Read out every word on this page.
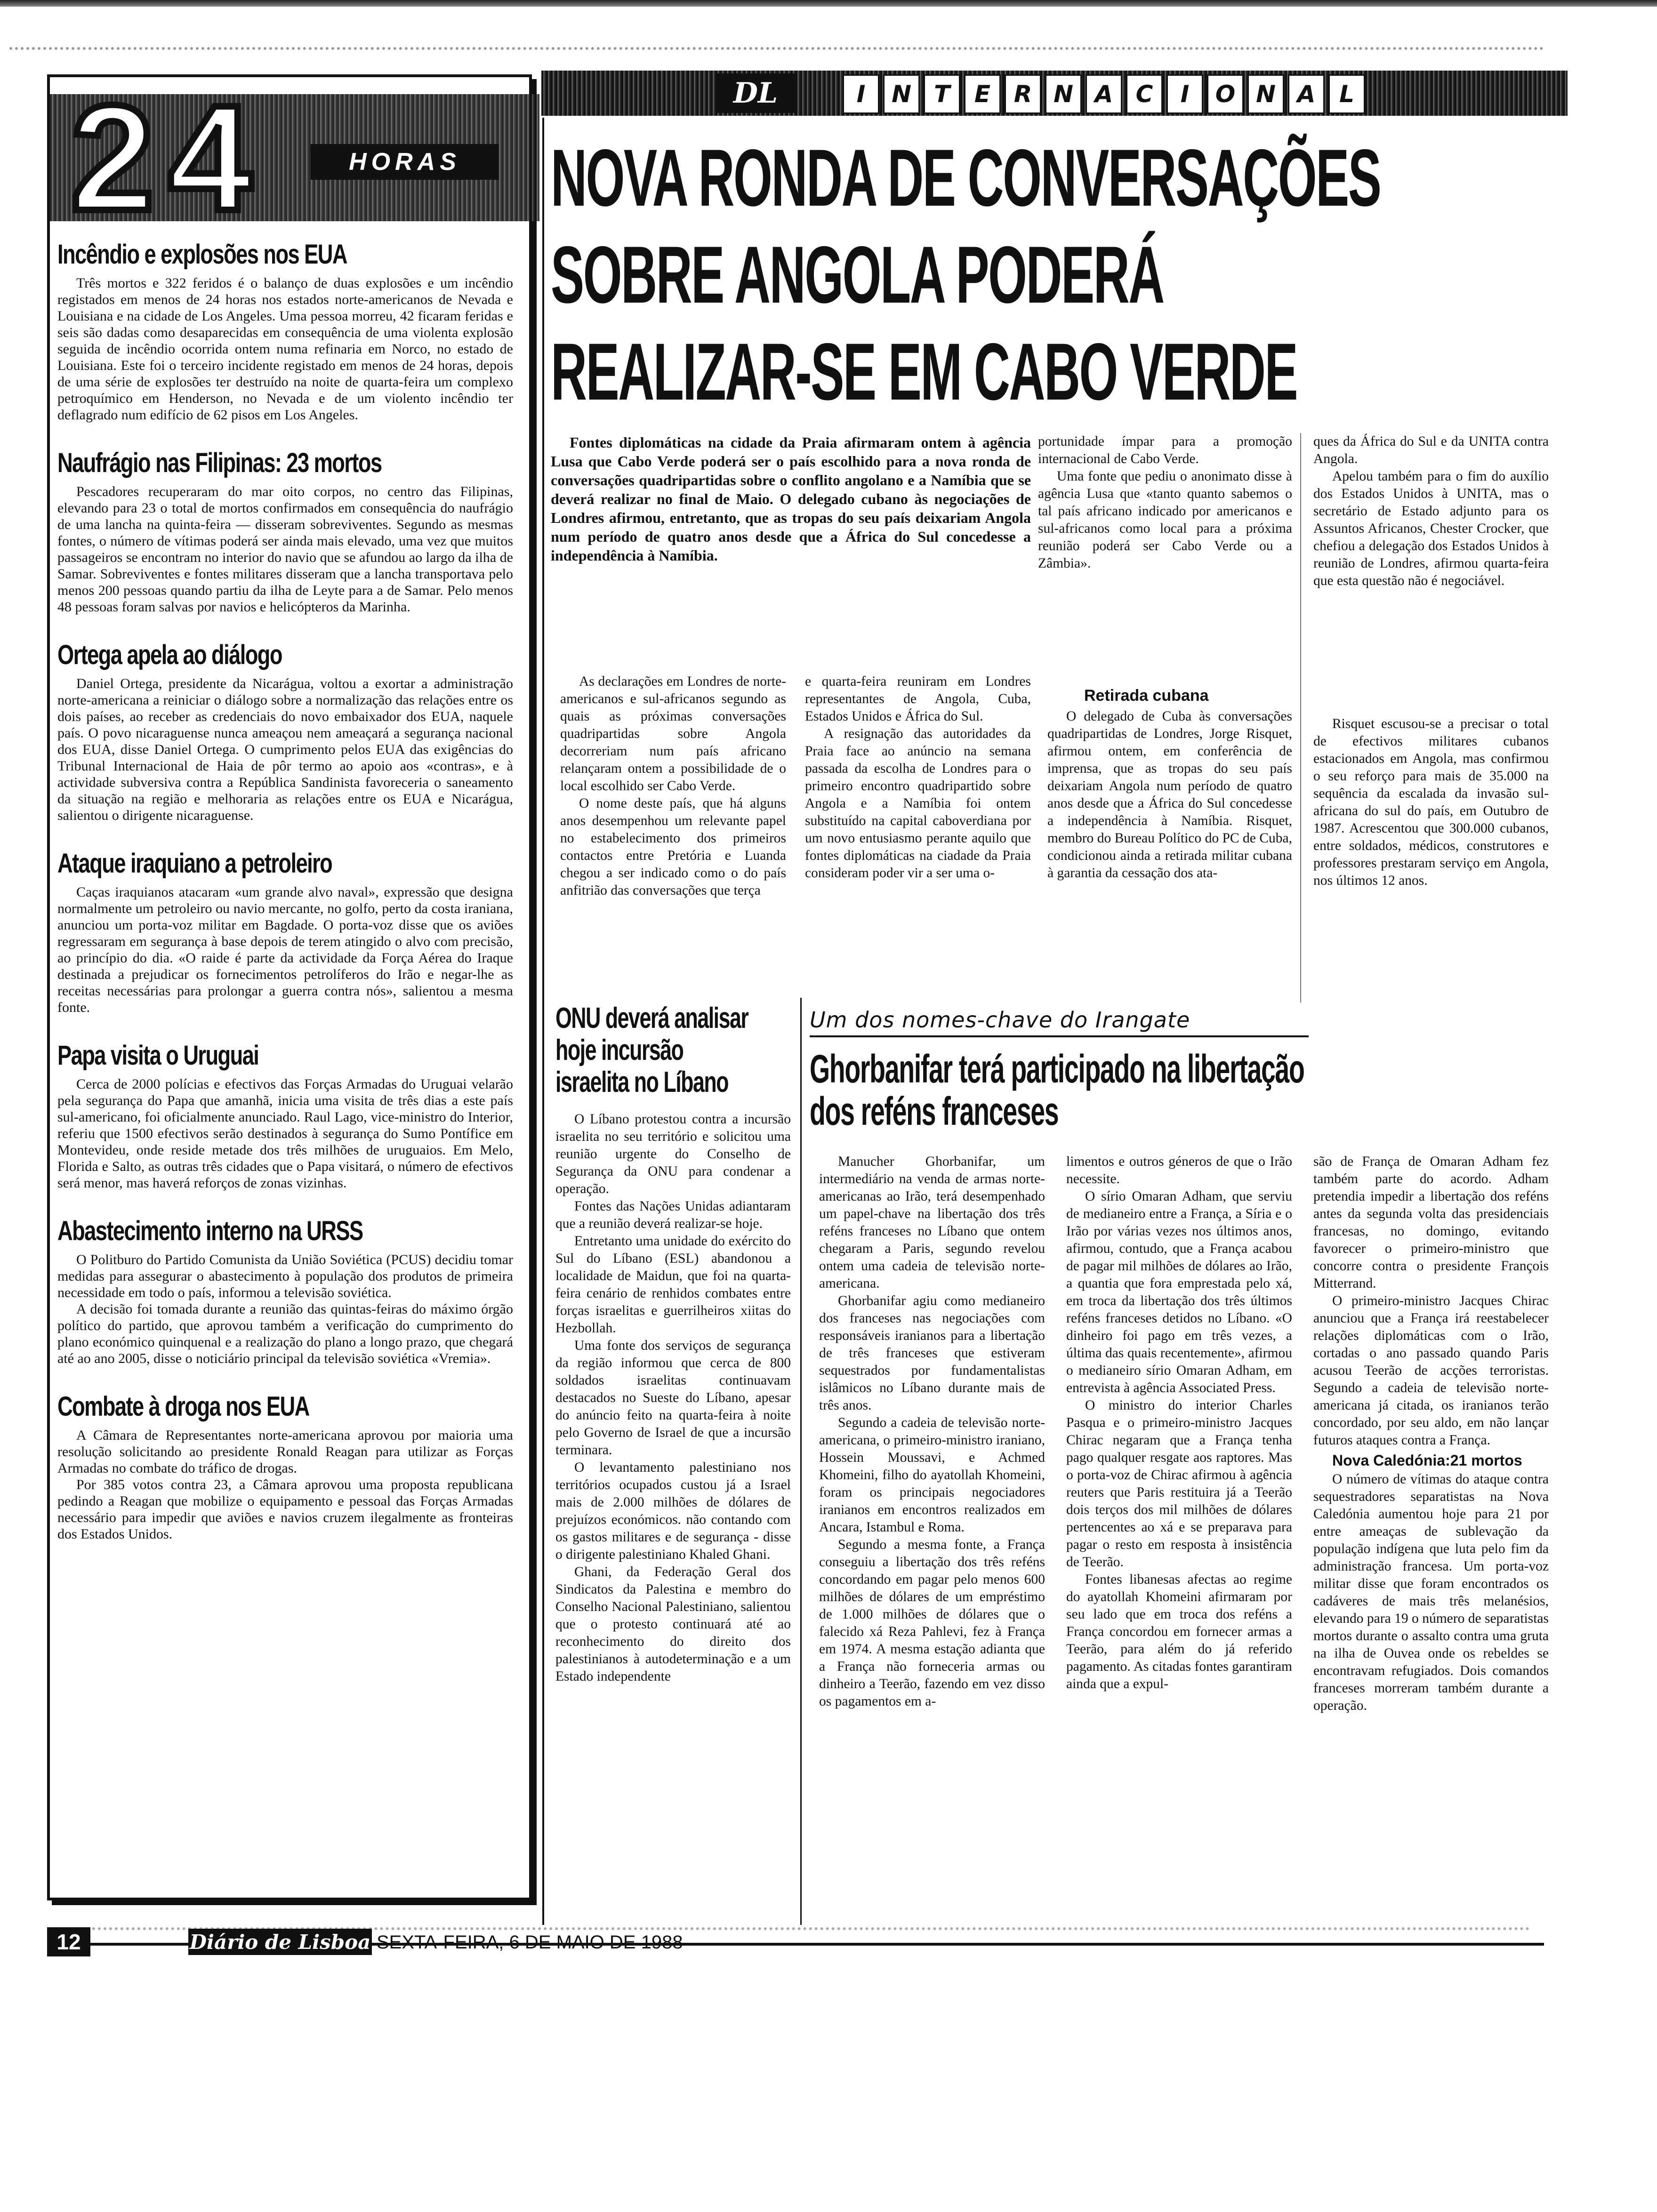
DL	I	N T	E R N A C	I	O N A	L
24	HORAS
Incêndio e explosões nos EUA

Três mortos e 322 feridos é o balanço de duas explosões e um incêndio registados em menos de 24 horas nos estados norte-americanos de Nevada e Louisiana e na cidade de Los Angeles. Uma pessoa morreu, 42 ficaram feridas e seis são dadas como desaparecidas em consequência de uma violenta explosão seguida de incêndio ocorrida ontem numa refinaria em Norco, no estado de Louisiana. Este foi o terceiro incidente registado em menos de 24 horas, depois de uma série de explosões ter destruído na noite de quarta-feira um complexo petroquímico em Henderson, no Nevada e de um violento incêndio ter deflagrado num edifício de 62 pisos em Los Angeles.

Naufrágio nas Filipinas: 23 mortos

Pescadores recuperaram do mar oito corpos, no centro das Filipinas, elevando para 23 o total de mortos confirmados em consequência do naufrágio de uma lancha na quinta-feira — disseram sobreviventes. Segundo as mesmas fontes, o número de vítimas poderá ser ainda mais elevado, uma vez que muitos passageiros se encontram no interior do navio que se afundou ao largo da ilha de Samar. Sobreviventes e fontes militares disseram que a lancha transportava pelo menos 200 pessoas quando partiu da ilha de Leyte para a de Samar. Pelo menos 48 pessoas foram salvas por navios e helicópteros da Marinha.

Ortega apela ao diálogo

Daniel Ortega, presidente da Nicarágua, voltou a exortar a administração norte-americana a reiniciar o diálogo sobre a normalização das relações entre os dois países, ao receber as credenciais do novo embaixador dos EUA, naquele país. O povo nicaraguense nunca ameaçou nem ameaçará a segurança nacional dos EUA, disse Daniel Ortega. O cumprimento pelos EUA das exigências do Tribunal Internacional de Haia de pôr termo ao apoio aos «contras», e à actividade subversiva contra a República Sandinista favoreceria o saneamento da situação na região e melhoraria as relações entre os EUA e Nicarágua, salientou o dirigente nicaraguense.

Ataque iraquiano a petroleiro

Caças iraquianos atacaram «um grande alvo naval», expressão que designa normalmente um petroleiro ou navio mercante, no golfo, perto da costa iraniana, anunciou um porta-voz militar em Bagdade. O porta-voz disse que os aviões regressaram em segurança à base depois de terem atingido o alvo com precisão, ao princípio do dia. «O raide é parte da actividade da Força Aérea do Iraque destinada a prejudicar os fornecimentos petrolíferos do Irão e negar-lhe as receitas necessárias para prolongar a guerra contra nós», salientou a mesma fonte.

Papa visita o Uruguai

Cerca de 2000 polícias e efectivos das Forças Armadas do Uruguai velarão pela segurança do Papa que amanhã, inicia uma visita de três dias a este país sul-americano, foi oficialmente anunciado. Raul Lago, vice-ministro do Interior, referiu que 1500 efectivos serão destinados à segurança do Sumo Pontífice em Montevideu, onde reside metade dos três milhões de uruguaios. Em Melo, Florida e Salto, as outras três cidades que o Papa visitará, o número de efectivos será menor, mas haverá reforços de zonas vizinhas.

Abastecimento interno na URSS

O Politburo do Partido Comunista da União Soviética (PCUS) decidiu tomar medidas para assegurar o abastecimento à população dos produtos de primeira necessidade em todo o país, informou a televisão soviética.

A decisão foi tomada durante a reunião das quintas-feiras do máximo órgão político do partido, que aprovou também a verificação do cumprimento do plano económico quinquenal e a realização do plano a longo prazo, que chegará até ao ano 2005, disse o noticiário principal da televisão soviética «Vremia».

Combate à droga nos EUA

A Câmara de Representantes norte-americana aprovou por maioria uma resolução solicitando ao presidente Ronald Reagan para utilizar as Forças Armadas no combate do tráfico de drogas.

Por 385 votos contra 23, a Câmara aprovou uma proposta republicana pedindo a Reagan que mobilize o equipamento e pessoal das Forças Armadas necessário para impedir que aviões e navios cruzem ilegalmente as fronteiras dos Estados Unidos.

NOVA RONDA DE CONVERSAÇÕES
SOBRE ANGOLA PODERÁ
REALIZAR-SE EM CABO VERDE
Fontes diplomáticas na cidade da Praia afirmaram ontem à agência Lusa que Cabo Verde poderá ser o país escolhido para a nova ronda de conversações quadripartidas sobre o conflito angolano e a Namíbia que se deverá realizar no final de Maio. O delegado cubano às negociações de Londres afirmou, entretanto, que as tropas do seu país deixariam Angola num período de quatro anos desde que a África do Sul concedesse a independência à Namíbia.

portunidade ímpar para a promoção internacional de Cabo Verde.

Uma fonte que pediu o anonimato disse à agência Lusa que «tanto quanto sabemos o tal país africano indicado por americanos e sul-africanos como local para a próxima reunião poderá ser Cabo Verde ou a Zâmbia».

ques da África do Sul e da UNITA contra Angola.

Apelou também para o fim do auxílio dos Estados Unidos à UNITA, mas o secretário de Estado adjunto para os Assuntos Africanos, Chester Crocker, que chefiou a delegação dos Estados Unidos à reunião de Londres, afirmou quarta-feira que esta questão não é negociável.

As declarações em Londres de norte-americanos e sul-africanos segundo as quais as próximas conversações quadripartidas sobre Angola decorreriam num país africano relançaram ontem a possibilidade de o local escolhido ser Cabo Verde.

O nome deste país, que há alguns anos desempenhou um relevante papel no estabelecimento dos primeiros contactos entre Pretória e Luanda chegou a ser indicado como o do país anfitrião das conversações que terça

e quarta-feira reuniram em Londres representantes de Angola, Cuba, Estados Unidos e África do Sul.

A resignação das autoridades da Praia face ao anúncio na semana passada da escolha de Londres para o primeiro encontro quadripartido sobre Angola e a Namíbia foi ontem substituído na capital caboverdiana por um novo entusiasmo perante aquilo que fontes diplomáticas na ciadade da Praia consideram poder vir a ser uma o-

Retirada cubana

O delegado de Cuba às conversações quadripartidas de Londres, Jorge Risquet, afirmou ontem, em conferência de imprensa, que as tropas do seu país deixariam Angola num período de quatro anos desde que a África do Sul concedesse a independência à Namíbia. Risquet, membro do Bureau Político do PC de Cuba, condicionou ainda a retirada militar cubana à garantia da cessação dos ata-

Risquet escusou-se a precisar o total de efectivos militares cubanos estacionados em Angola, mas confirmou o seu reforço para mais de 35.000 na sequência da escalada da invasão sul-africana do sul do país, em Outubro de 1987. Acrescentou que 300.000 cubanos, entre soldados, médicos, construtores e professores prestaram serviço em Angola, nos últimos 12 anos.

ONU deverá analisar
hoje incursão
israelita no Líbano

O Líbano protestou contra a incursão israelita no seu território e solicitou uma reunião urgente do Conselho de Segurança da ONU para condenar a operação.

Fontes das Nações Unidas adiantaram que a reunião deverá realizar-se hoje.

Entretanto uma unidade do exército do Sul do Líbano (ESL) abandonou a localidade de Maidun, que foi na quarta-feira cenário de renhidos combates entre forças israelitas e guerrilheiros xiitas do Hezbollah.

Uma fonte dos serviços de segurança da região informou que cerca de 800 soldados israelitas continuavam destacados no Sueste do Líbano, apesar do anúncio feito na quarta-feira à noite pelo Governo de Israel de que a incursão terminara.

O levantamento palestiniano nos territórios ocupados custou já a Israel mais de 2.000 milhões de dólares de prejuízos económicos. não contando com os gastos militares e de segurança - disse o dirigente palestiniano Khaled Ghani.

Ghani, da Federação Geral dos Sindicatos da Palestina e membro do Conselho Nacional Palestiniano, salientou que o protesto continuará até ao reconhecimento do direito dos palestinianos à autodeterminação e a um Estado independente

Um dos nomes-chave do Irangate
Ghorbanifar terá participado na libertação
dos reféns franceses

Manucher Ghorbanifar, um intermediário na venda de armas norte-americanas ao Irão, terá desempenhado um papel-chave na libertação dos três reféns franceses no Líbano que ontem chegaram a Paris, segundo revelou ontem uma cadeia de televisão norte-americana.

Ghorbanifar agiu como medianeiro dos franceses nas negociações com responsáveis iranianos para a libertação de três franceses que estiveram sequestrados por fundamentalistas islâmicos no Líbano durante mais de três anos.

Segundo a cadeia de televisão norte-americana, o primeiro-ministro iraniano, Hossein Moussavi, e Achmed Khomeini, filho do ayatollah Khomeini, foram os principais negociadores iranianos em encontros realizados em Ancara, Istambul e Roma.

Segundo a mesma fonte, a França conseguiu a libertação dos três reféns concordando em pagar pelo menos 600 milhões de dólares de um empréstimo de 1.000 milhões de dólares que o falecido xá Reza Pahlevi, fez à França em 1974. A mesma estação adianta que a França não forneceria armas ou dinheiro a Teerão, fazendo em vez disso os pagamentos em a-

limentos e outros géneros de que o Irão necessite.

O sírio Omaran Adham, que serviu de medianeiro entre a França, a Síria e o Irão por várias vezes nos últimos anos, afirmou, contudo, que a França acabou de pagar mil milhões de dólares ao Irão, a quantia que fora emprestada pelo xá, em troca da libertação dos três últimos reféns franceses detidos no Líbano. «O dinheiro foi pago em três vezes, a última das quais recentemente», afirmou o medianeiro sírio Omaran Adham, em entrevista à agência Associated Press.

O ministro do interior Charles Pasqua e o primeiro-ministro Jacques Chirac negaram que a França tenha pago qualquer resgate aos raptores. Mas o porta-voz de Chirac afirmou à agência reuters que Paris restituira já a Teerão dois terços dos mil milhões de dólares pertencentes ao xá e se preparava para pagar o resto em resposta à insistência de Teerão.

Fontes libanesas afectas ao regime do ayatollah Khomeini afirmaram por seu lado que em troca dos reféns a França concordou em fornecer armas a Teerão, para além do já referido pagamento. As citadas fontes garantiram ainda que a expul-

são de França de Omaran Adham fez também parte do acordo. Adham pretendia impedir a libertação dos reféns antes da segunda volta das presidenciais francesas, no domingo, evitando favorecer o primeiro-ministro que concorre contra o presidente François Mitterrand.

O primeiro-ministro Jacques Chirac anunciou que a França irá reestabelecer relações diplomáticas com o Irão, cortadas o ano passado quando Paris acusou Teerão de acções terroristas. Segundo a cadeia de televisão norte-americana já citada, os iranianos terão concordado, por seu aldo, em não lançar futuros ataques contra a França.

Nova Caledónia:21 mortos

O número de vítimas do ataque contra sequestradores separatistas na Nova Caledónia aumentou hoje para 21 por entre ameaças de sublevação da população indígena que luta pelo fim da administração francesa. Um porta-voz militar disse que foram encontrados os cadáveres de mais três melanésios, elevando para 19 o número de separatistas mortos durante o assalto contra uma gruta na ilha de Ouvea onde os rebeldes se encontravam refugiados. Dois comandos franceses morreram também durante a operação.

12	Diário de Lisboa SEXTA-FEIRA, 6 DE MAIO DE 1988
